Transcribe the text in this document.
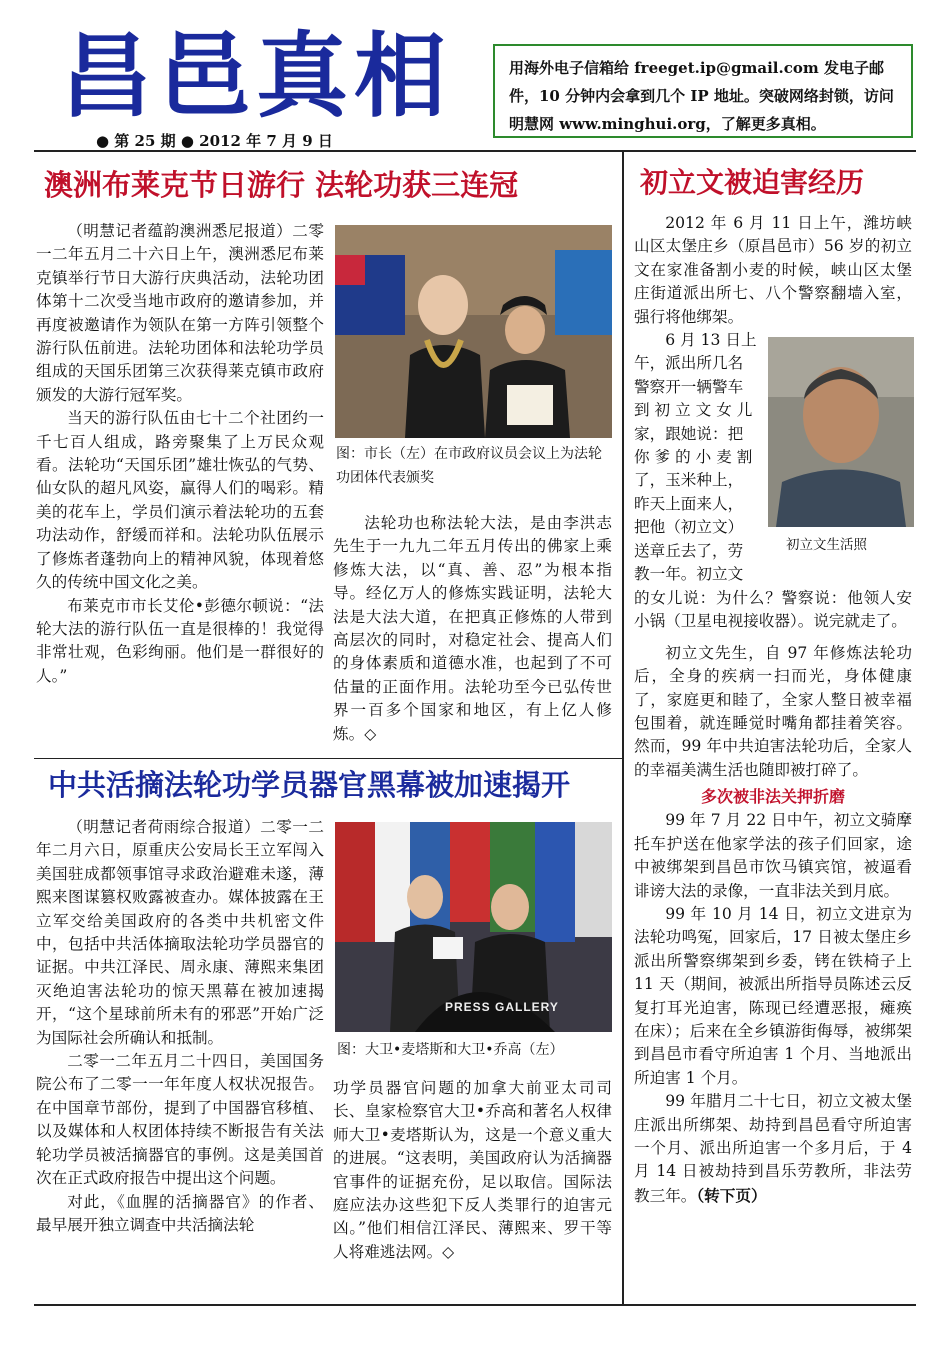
昌邑真相
● 第 25 期 ● 2012 年 7 月 9 日
用海外电子信箱给 freeget.ip@gmail.com 发电子邮件，10 分钟内会拿到几个 IP 地址。突破网络封锁，访问明慧网 www.minghui.org，了解更多真相。
澳洲布莱克节日游行 法轮功获三连冠

（明慧记者蕴韵澳洲悉尼报道）二零一二年五月二十六日上午，澳洲悉尼布莱克镇举行节日大游行庆典活动，法轮功团体第十二次受当地市政府的邀请参加，并再度被邀请作为领队在第一方阵引领整个游行队伍前进。法轮功团体和法轮功学员组成的天国乐团第三次获得莱克镇市政府颁发的大游行冠军奖。

当天的游行队伍由七十二个社团约一千七百人组成，路旁聚集了上万民众观看。法轮功“天国乐团”雄壮恢弘的气势、仙女队的超凡风姿，赢得人们的喝彩。精美的花车上，学员们演示着法轮功的五套功法动作，舒缓而祥和。法轮功队伍展示了修炼者蓬勃向上的精神风貌，体现着悠久的传统中国文化之美。

布莱克市市长艾伦•彭德尔顿说：“法轮大法的游行队伍一直是很棒的！我觉得非常壮观，色彩绚丽。他们是一群很好的人。”

图：市长（左）在市政府议员会议上为法轮功团体代表颁奖

法轮功也称法轮大法，是由李洪志先生于一九九二年五月传出的佛家上乘修炼大法，以“真、善、忍”为根本指导。经亿万人的修炼实践证明，法轮大法是大法大道，在把真正修炼的人带到高层次的同时，对稳定社会、提高人们的身体素质和道德水准，也起到了不可估量的正面作用。法轮功至今已弘传世界一百多个国家和地区，有上亿人修炼。◇

中共活摘法轮功学员器官黑幕被加速揭开

（明慧记者荷雨综合报道）二零一二年二月六日，原重庆公安局长王立军闯入美国驻成都领事馆寻求政治避难未遂，薄熙来图谋篡权败露被查办。媒体披露在王立军交给美国政府的各类中共机密文件中，包括中共活体摘取法轮功学员器官的证据。中共江泽民、周永康、薄熙来集团灭绝迫害法轮功的惊天黑幕在被加速揭开，“这个星球前所未有的邪恶”开始广泛为国际社会所确认和抵制。

二零一二年五月二十四日，美国国务院公布了二零一一年年度人权状况报告。在中国章节部份，提到了中国器官移植、以及媒体和人权团体持续不断报告有关法轮功学员被活摘器官的事例。这是美国首次在正式政府报告中提出这个问题。

对此，《血腥的活摘器官》的作者、最早展开独立调查中共活摘法轮

PRESS GALLERY
图：大卫•麦塔斯和大卫•乔高（左）

功学员器官问题的加拿大前亚太司司长、皇家检察官大卫•乔高和著名人权律师大卫•麦塔斯认为，这是一个意义重大的进展。“这表明，美国政府认为活摘器官事件的证据充份，足以取信。国际法庭应法办这些犯下反人类罪行的迫害元凶。”他们相信江泽民、薄熙来、罗干等人将难逃法网。◇

初立文被迫害经历

2012 年 6 月 11 日上午，潍坊峡山区太堡庄乡（原昌邑市）56 岁的初立文在家准备割小麦的时候，峡山区太堡庄街道派出所七、八个警察翻墙入室，强行将他绑架。

6 月 13 日上
午，派出所几名
警察开一辆警车
到 初 立 文 女 儿
家，跟她说：把
你 爹 的 小 麦 割
了，玉米种上，
昨天上面来人，
把他（初立文）
送章丘去了，劳
教一年。初立文
初立文生活照

的女儿说：为什么？警察说：他领人安小锅（卫星电视接收器）。说完就走了。

初立文先生，自 97 年修炼法轮功后，全身的疾病一扫而光，身体健康了，家庭更和睦了，全家人整日被幸福包围着，就连睡觉时嘴角都挂着笑容。然而，99 年中共迫害法轮功后，全家人的幸福美满生活也随即被打碎了。

多次被非法关押折磨

99 年 7 月 22 日中午，初立文骑摩托车护送在他家学法的孩子们回家，途中被绑架到昌邑市饮马镇宾馆，被逼看诽谤大法的录像，一直非法关到月底。

99 年 10 月 14 日，初立文进京为法轮功鸣冤，回家后，17 日被太堡庄乡派出所警察绑架到乡委，铐在铁椅子上 11 天（期间，被派出所指导员陈述云反复打耳光迫害，陈现已经遭恶报，瘫痪在床）；后来在全乡镇游街侮辱，被绑架到昌邑市看守所迫害 1 个月、当地派出所迫害 1 个月。

99 年腊月二十七日，初立文被太堡庄派出所绑架、劫持到昌邑看守所迫害一个月、派出所迫害一个多月后，于 4 月 14 日被劫持到昌乐劳教所，非法劳教三年。（转下页）
